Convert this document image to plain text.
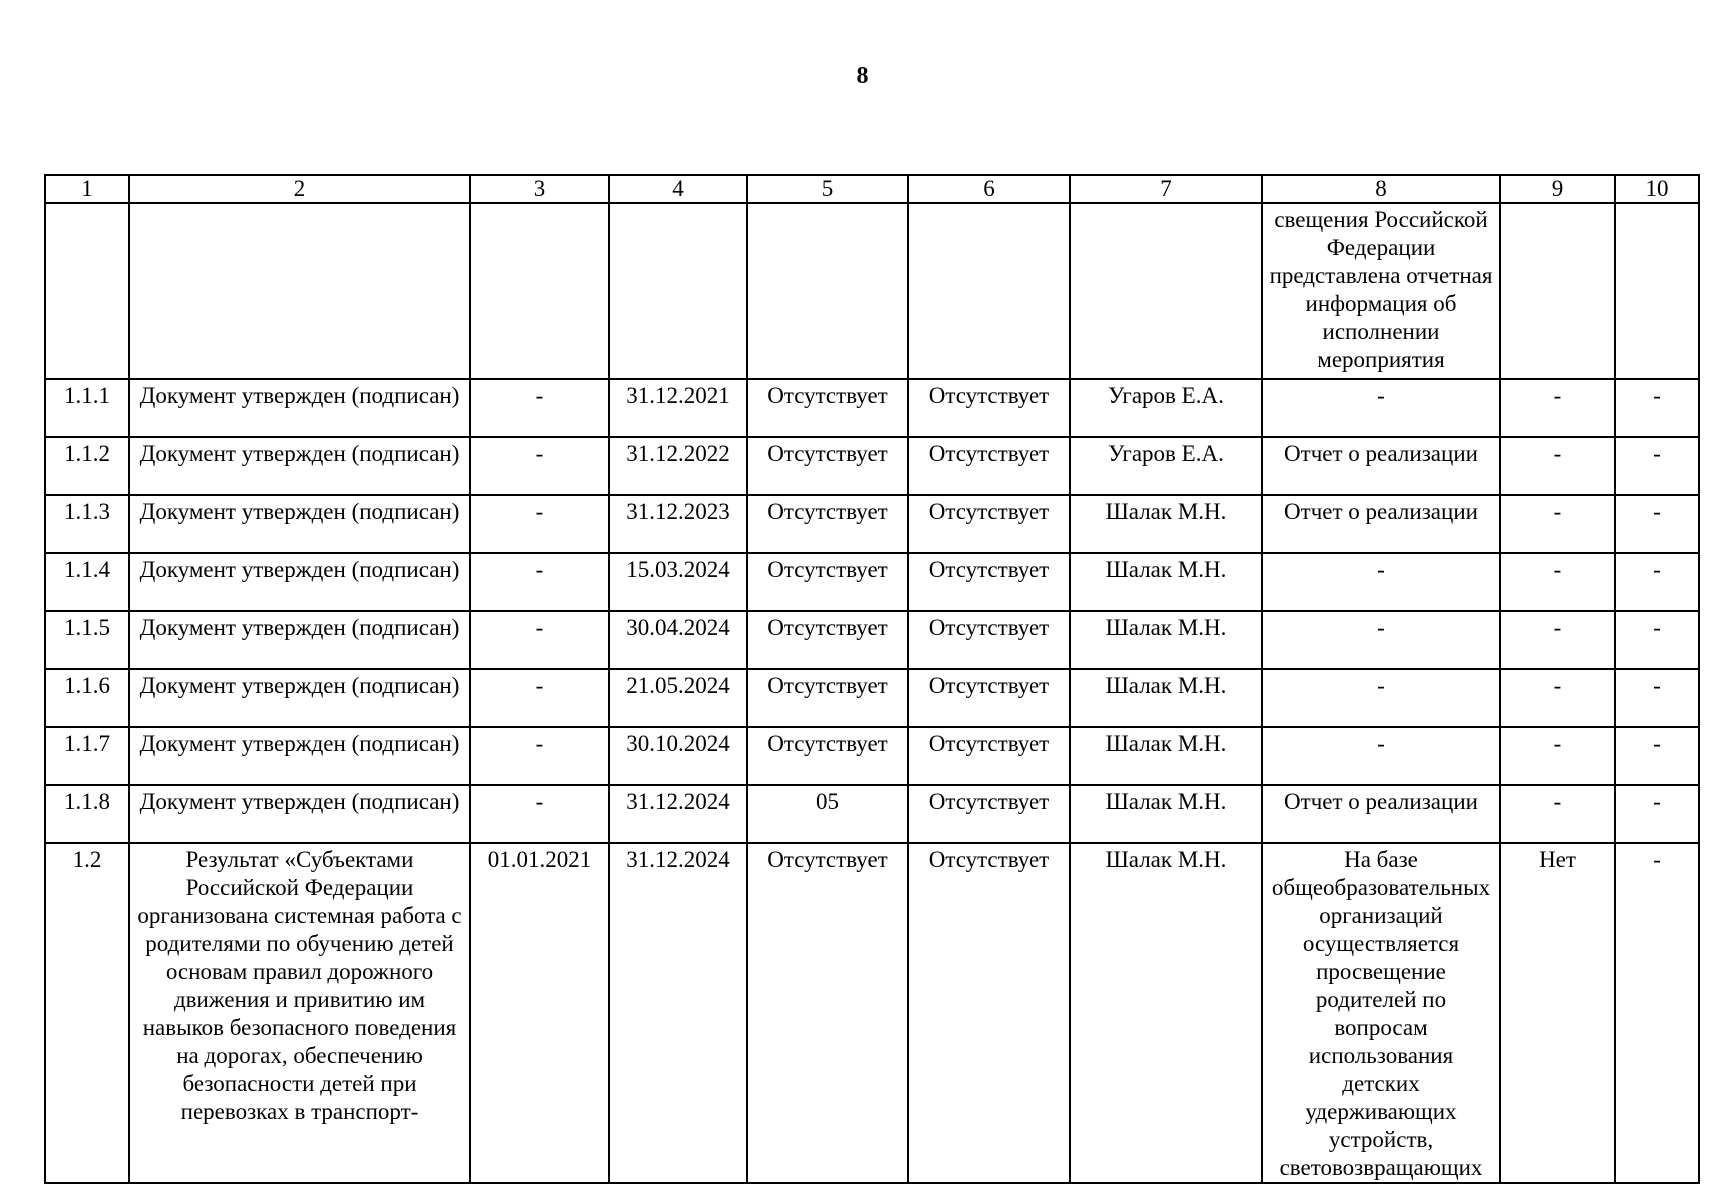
8
1	2	3	4	5	6	7	8	9	10
							свещения Российской Федерации представлена отчетная информация об исполнении мероприятия		
1.1.1	Документ утвержден (подписан)	-	31.12.2021	Отсутствует	Отсутствует	Угаров Е.А.	-	-	-
1.1.2	Документ утвержден (подписан)	-	31.12.2022	Отсутствует	Отсутствует	Угаров Е.А.	Отчет о реализации	-	-
1.1.3	Документ утвержден (подписан)	-	31.12.2023	Отсутствует	Отсутствует	Шалак М.Н.	Отчет о реализации	-	-
1.1.4	Документ утвержден (подписан)	-	15.03.2024	Отсутствует	Отсутствует	Шалак М.Н.	-	-	-
1.1.5	Документ утвержден (подписан)	-	30.04.2024	Отсутствует	Отсутствует	Шалак М.Н.	-	-	-
1.1.6	Документ утвержден (подписан)	-	21.05.2024	Отсутствует	Отсутствует	Шалак М.Н.	-	-	-
1.1.7	Документ утвержден (подписан)	-	30.10.2024	Отсутствует	Отсутствует	Шалак М.Н.	-	-	-
1.1.8	Документ утвержден (подписан)	-	31.12.2024	05	Отсутствует	Шалак М.Н.	Отчет о реализации	-	-
1.2	Результат «Субъектами Российской Федерации организована системная работа с родителями по обучению детей основам правил дорожного движения и привитию им навыков безопасного поведения на дорогах, обеспечению безопасности детей при перевозках в транспорт-	01.01.2021	31.12.2024	Отсутствует	Отсутствует	Шалак М.Н.	На базе общеобразовательных организаций осуществляется просвещение родителей по вопросам использования детских удерживающих устройств, световозвращающих	Нет	-
